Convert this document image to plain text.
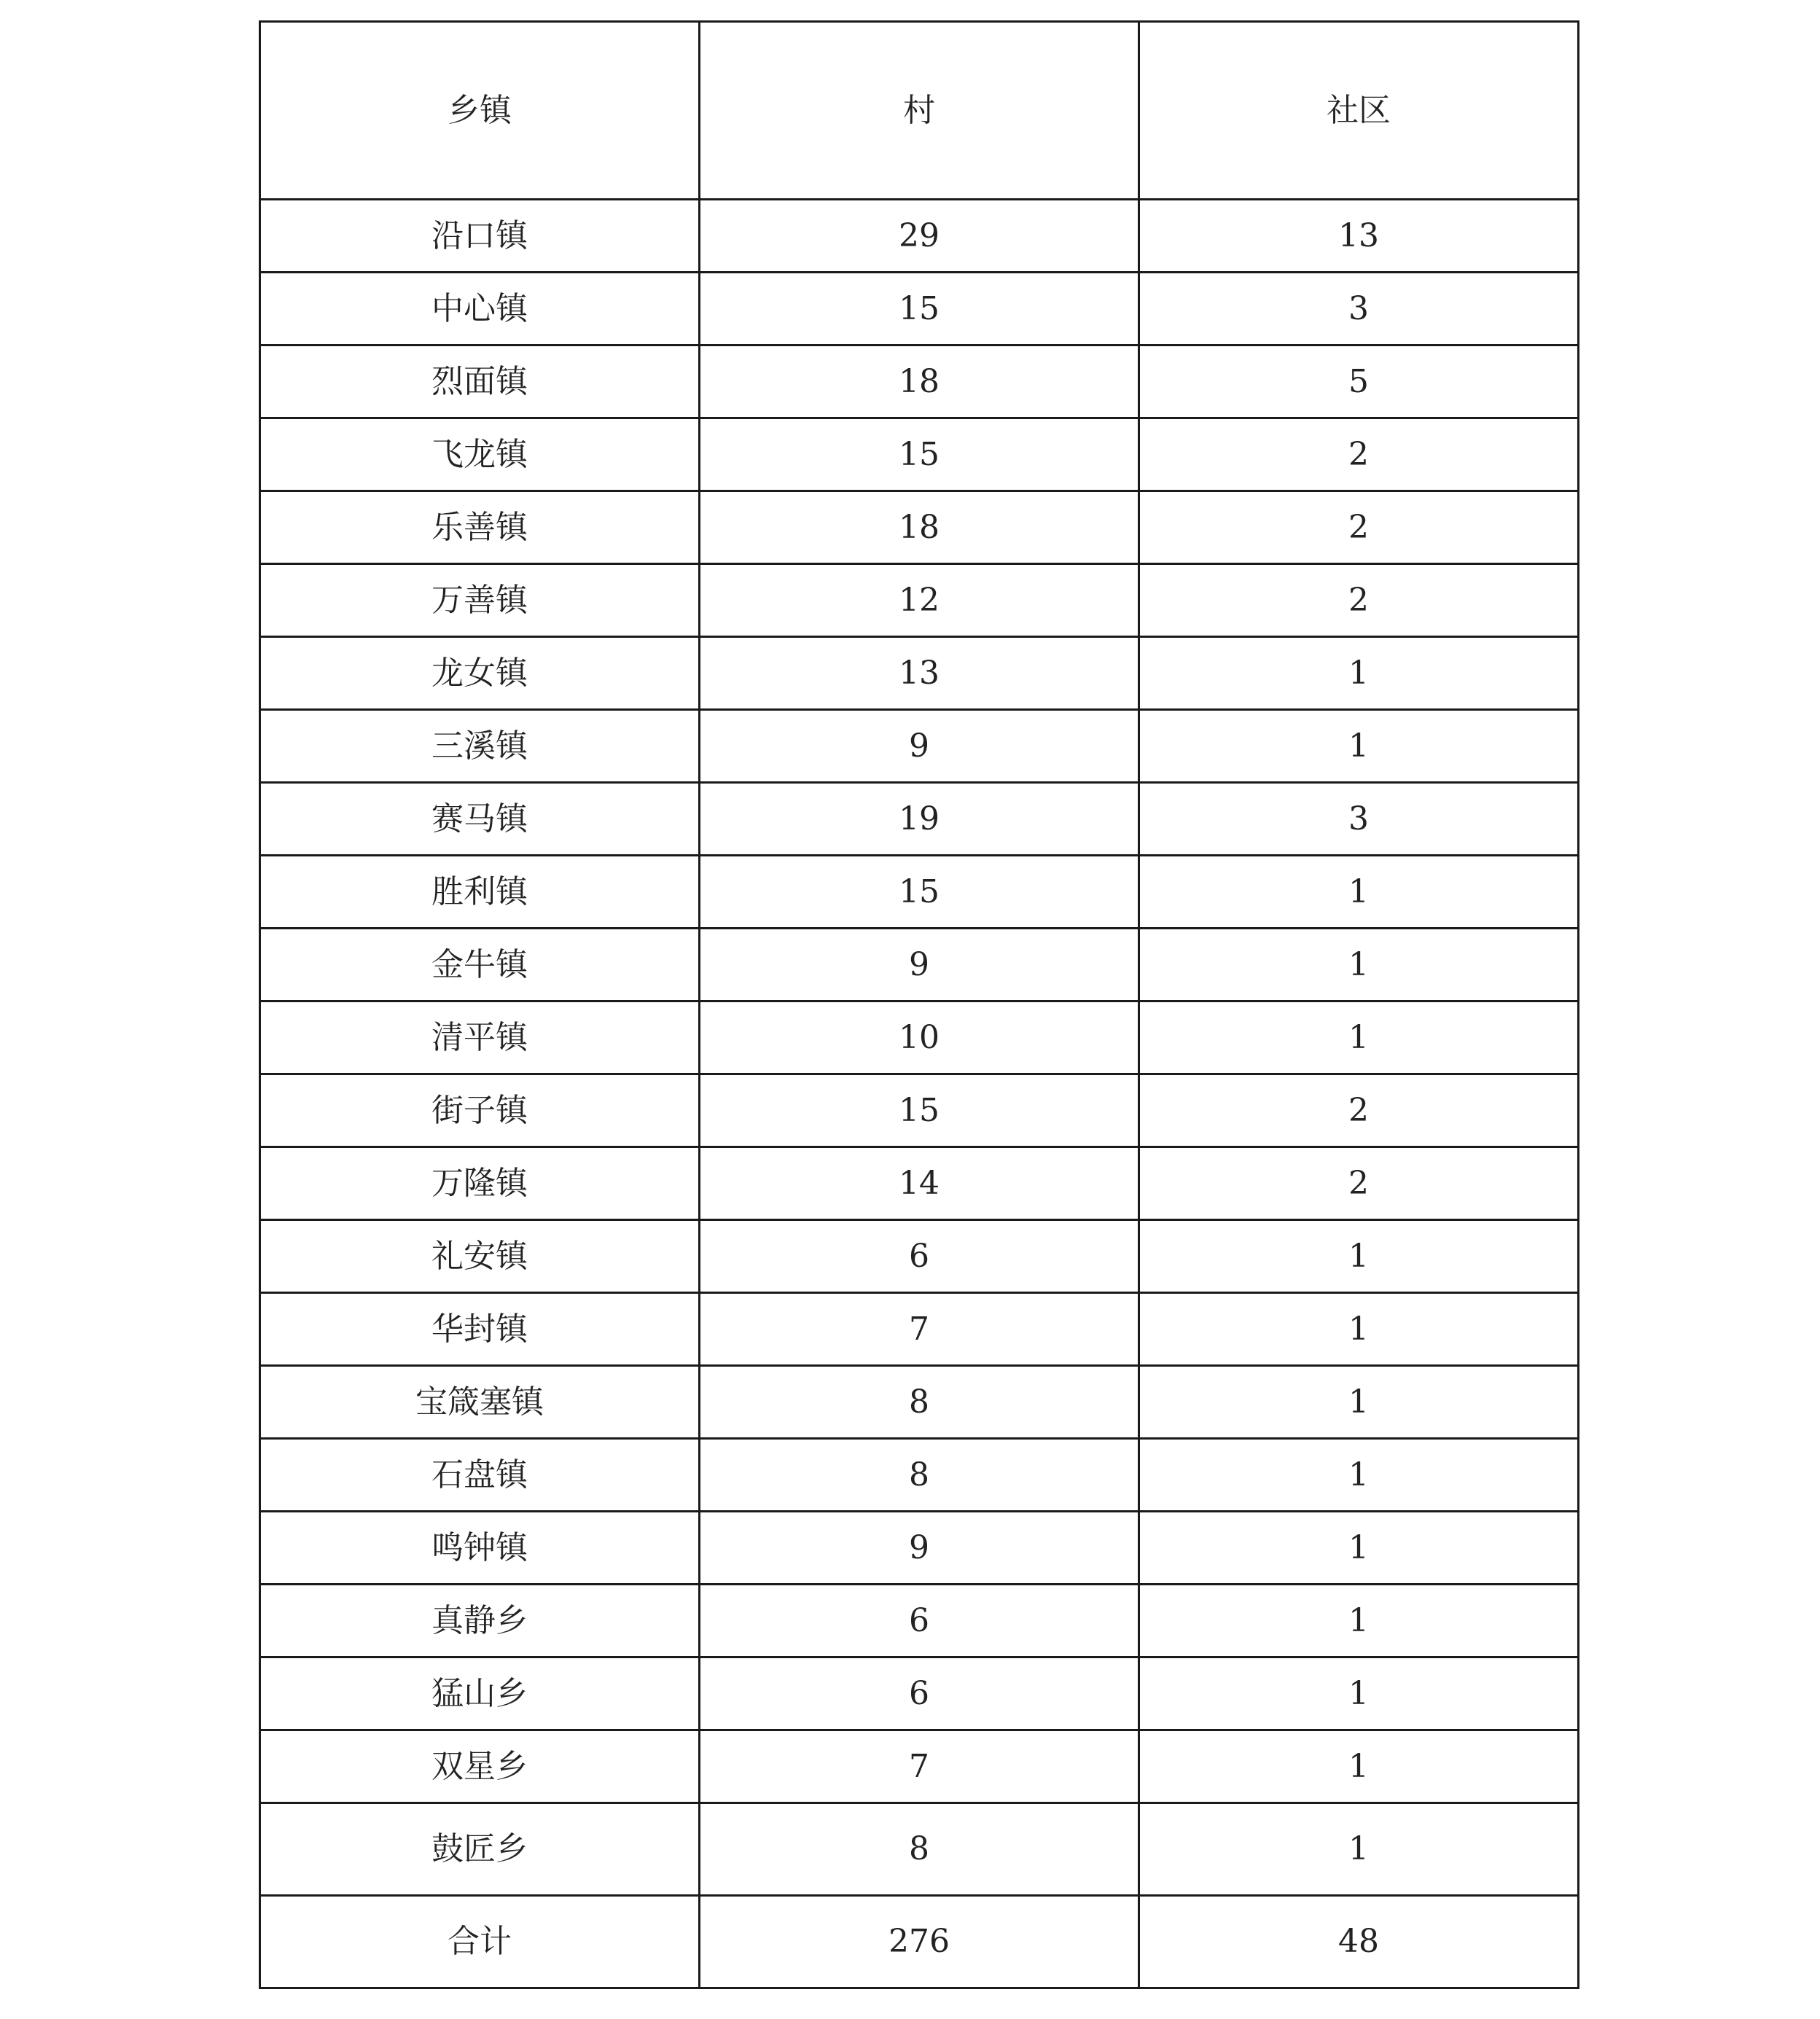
乡镇	村	社区
沿口镇	29	13
中心镇	15	3
烈面镇	18	5
飞龙镇	15	2
乐善镇	18	2
万善镇	12	2
龙女镇	13	1
三溪镇	9	1
赛马镇	19	3
胜利镇	15	1
金牛镇	9	1
清平镇	10	1
街子镇	15	2
万隆镇	14	2
礼安镇	6	1
华封镇	7	1
宝箴塞镇	8	1
石盘镇	8	1
鸣钟镇	9	1
真静乡	6	1
猛山乡	6	1
双星乡	7	1
鼓匠乡	8	1
合计	276	48
